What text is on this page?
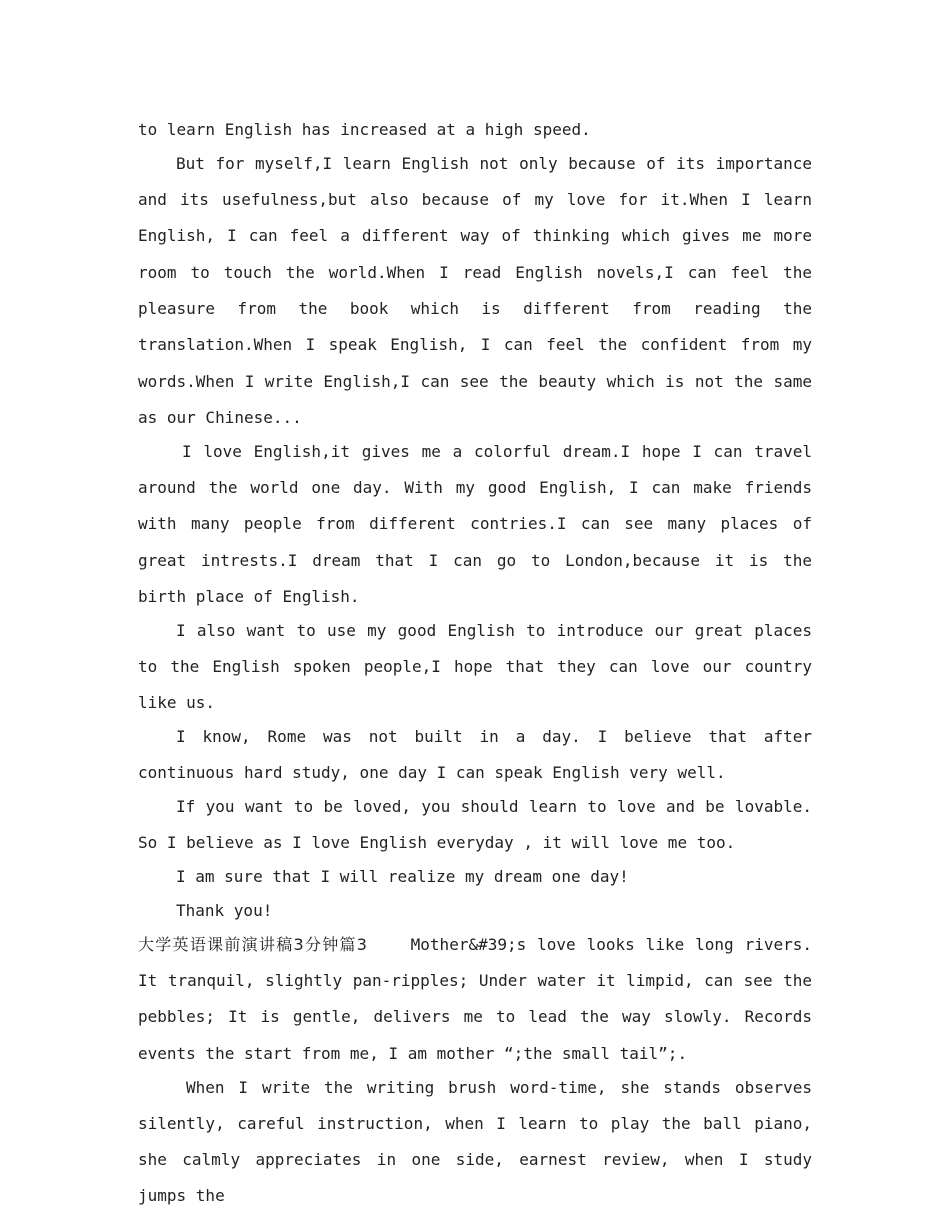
to learn English has increased at a high speed.

But for myself,I learn English not only because of its importance and its usefulness,but also because of my love for it.When I learn English, I can feel a different way of thinking which gives me more room to touch the world.When I read English novels,I can feel the pleasure from the book which is different from reading the translation.When I speak English, I can feel the confident from my words.When I write English,I can see the beauty which is not the same as our Chinese...

I love English,it gives me a colorful dream.I hope I can travel around the world one day. With my good English, I can make friends with many people from different contries.I can see many places of great intrests.I dream that I can go to London,because it is the birth place of English.

I also want to use my good English to introduce our great places to the English spoken people,I hope that they can love our country like us.

I know, Rome was not built in a day. I believe that after continuous hard study, one day I can speak English very well.

If you want to be loved, you should learn to love and be lovable. So I believe as I love English everyday , it will love me too.

I am sure that I will realize my dream one day!

Thank you!

大学英语课前演讲稿3分钟篇3	Mother&#39;s love looks like long rivers. It tranquil, slightly pan-ripples; Under water it limpid, can see the pebbles; It is gentle, delivers me to lead the way slowly. Records events the start from me, I am mother “;the small tail”;.

When I write the writing brush word-time, she stands observes silently, careful instruction, when I learn to play the ball piano, she calmly appreciates in one side, earnest review, when I study jumps the
